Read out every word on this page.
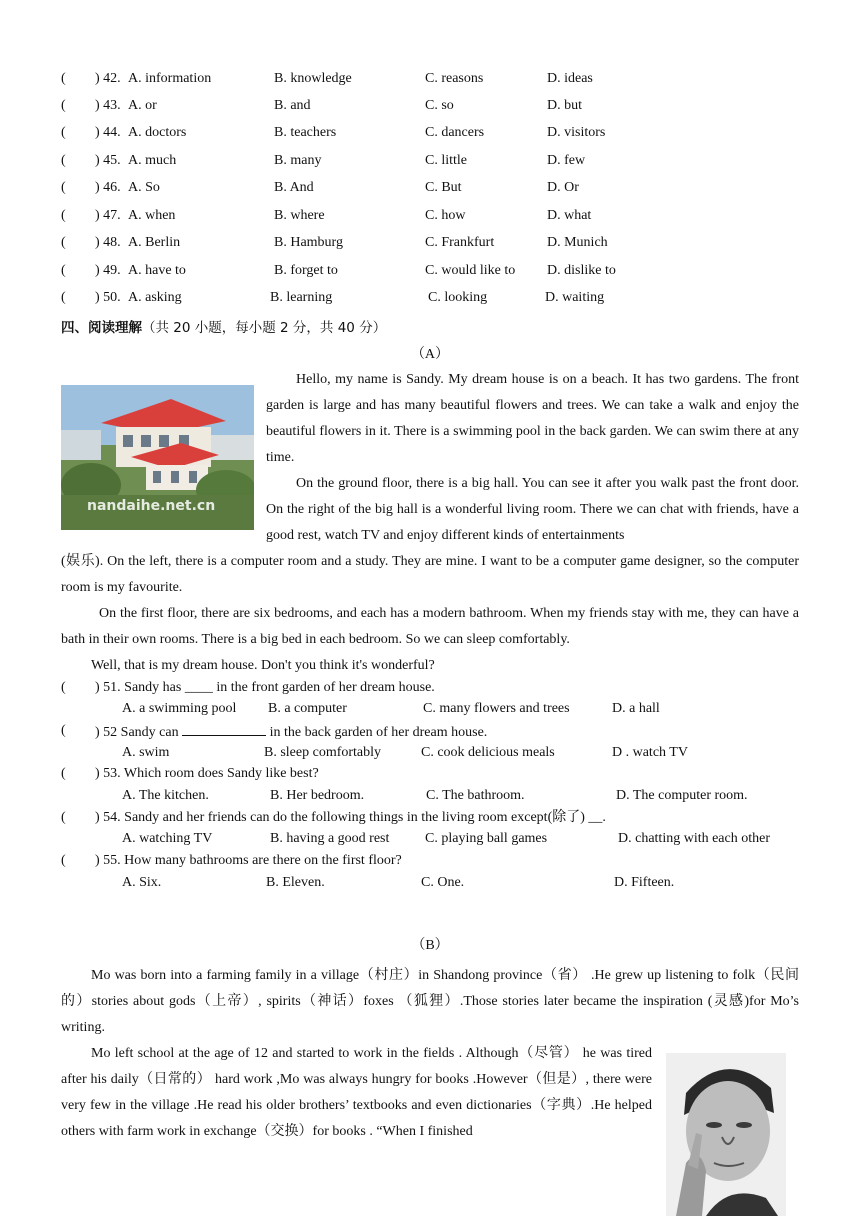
( ) 42. A. information	B. knowledge	C. reasons	D. ideas
( ) 43. A. or	B. and	C. so	D. but
( ) 44. A. doctors	B. teachers	C. dancers	D. visitors
( ) 45. A. much	B. many	C. little	D. few
( ) 46. A. So	B. And	C. But	D. Or
( ) 47. A. when	B. where	C. how	D. what
( ) 48. A. Berlin	B. Hamburg	C. Frankfurt	D. Munich
( ) 49. A. have to	B. forget to	C. would like to D. dislike to
( ) 50. A. asking	B. learning	C. looking	D. waiting
四、阅读理解（共 20 小题，每小题 2 分，共 40 分）
（A）
nandaihe.net.cn
Hello, my name is Sandy. My dream house is on a beach. It has two gardens. The front garden is large and has many beautiful flowers and trees. We can take a walk and enjoy the beautiful flowers in it. There is a swimming pool in the back garden. We can swim there at any time.
On the ground floor, there is a big hall. You can see it after you walk past the front door. On the right of the big hall is a wonderful living room. There we can chat with friends, have a good rest, watch TV and enjoy different kinds of entertainments
(娱乐). On the left, there is a computer room and a study. They are mine. I want to be a computer game designer, so the computer room is my favourite.
On the first floor, there are six bedrooms, and each has a modern bathroom. When my friends stay with me, they can have a bath in their own rooms. There is a big bed in each bedroom. So we can sleep comfortably.
Well, that is my dream house. Don't you think it's wonderful?
( ) 51. Sandy has ____ in the front garden of her dream house.
A. a swimming pool B. a computer	C. many flowers and trees	D. a hall
( ) 52 Sandy can	in the back garden of her dream house.
A. swim	B. sleep comfortably	C. cook delicious meals	D . watch TV
( ) 53. Which room does Sandy like best?
A. The kitchen.	B. Her bedroom.	C. The bathroom.	D. The computer room.
( ) 54. Sandy and her friends can do the following things in the living room except(除了) __.
A. watching TV	B. having a good rest	C. playing ball games	D. chatting with each other
( ) 55. How many bathrooms are there on the first floor?
A. Six.	B. Eleven.	C. One.	D. Fifteen.
（B）
Mo was born into a farming family in a village（村庄）in Shandong province（省） .He grew up listening to folk（民间的）stories about gods（上帝）, spirits（神话）foxes （狐狸）.Those stories later became the inspiration (灵感)for Mo’s writing.
Mo left school at the age of 12 and started to work in the fields . Although（尽管） he was tired after his daily（日常的） hard work ,Mo was always hungry for books .However（但是）, there were very few in the village .He read his older brothers’ textbooks and even dictionaries（字典）.He helped others with farm work in exchange（交换）for books . “When I finished
